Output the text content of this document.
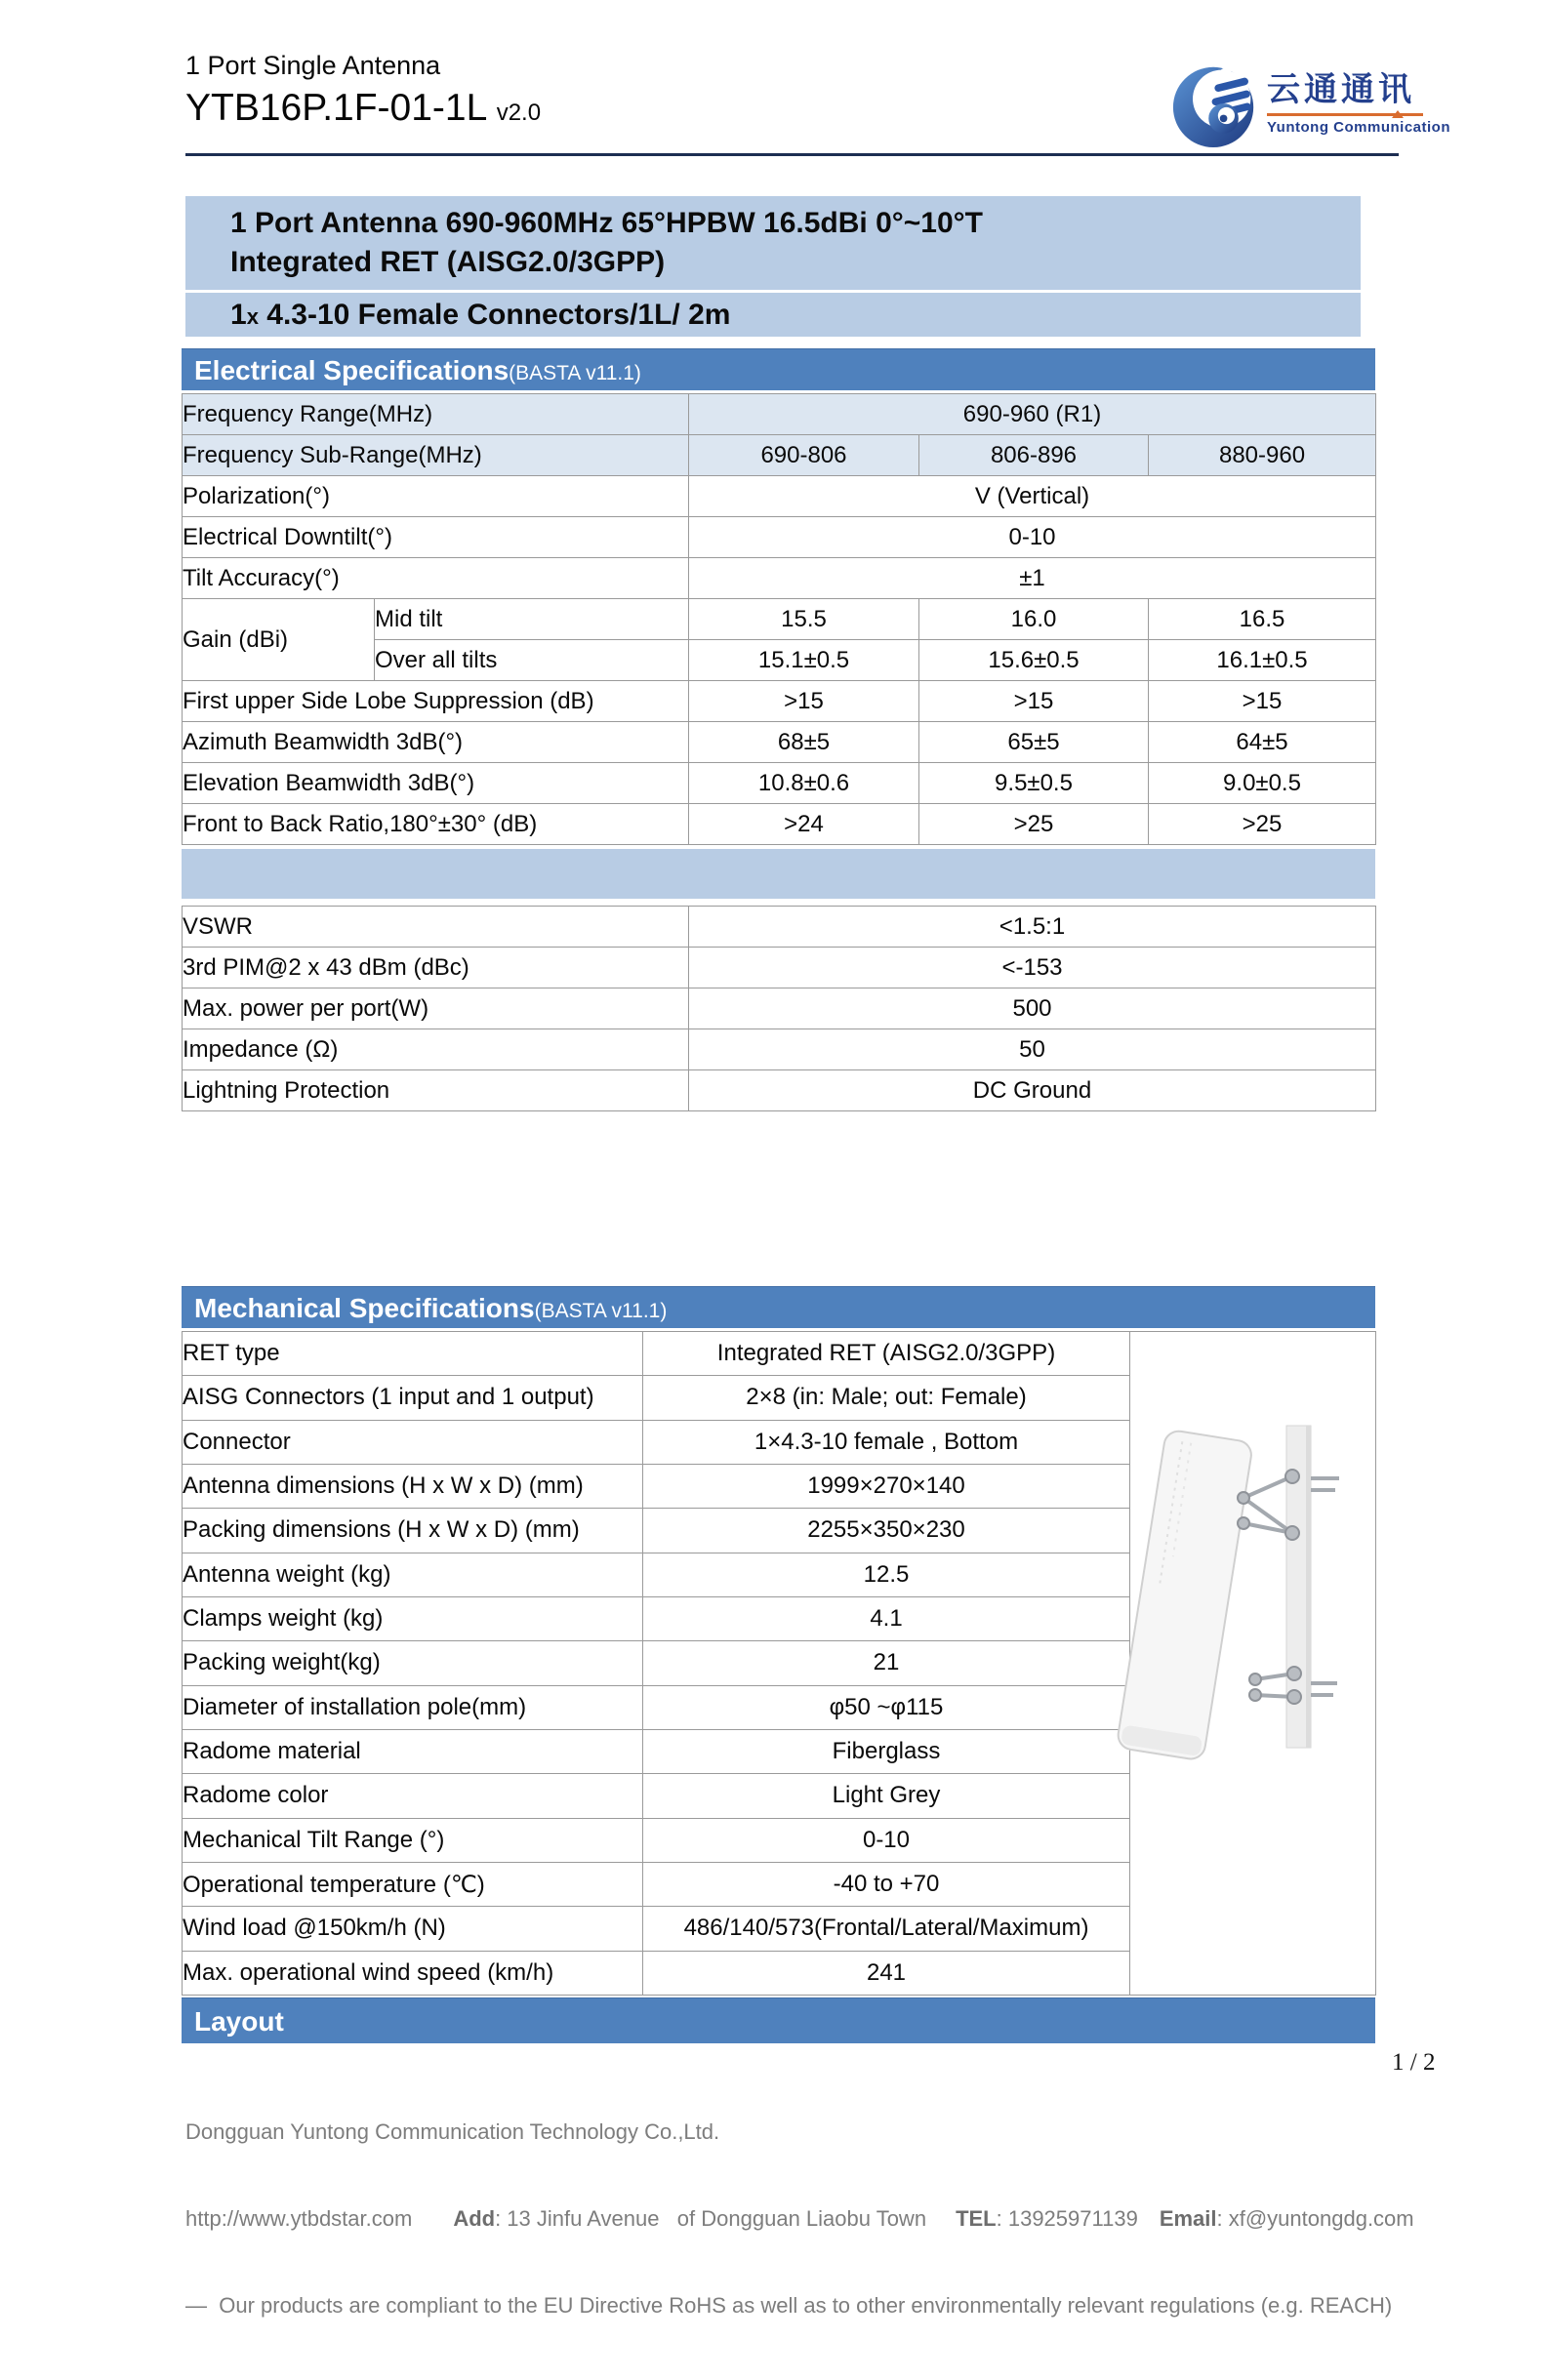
1 Port Single Antenna
YTB16P.1F-01-1L v2.0
云通通讯
Yuntong Communication
1 Port Antenna 690-960MHz 65°HPBW 16.5dBi 0°~10°T
Integrated RET (AISG2.0/3GPP)
1x 4.3-10 Female Connectors/1L/ 2m
Electrical Specifications(BASTA v11.1)
Frequency Range(MHz)		690-960 (R1)		
Frequency Sub-Range(MHz)		690-806	806-896	880-960
Polarization(°)		V (Vertical)		
Electrical Downtilt(°)		0-10		
Tilt Accuracy(°)		±1		
Gain (dBi)	Mid tilt	15.5	16.0	16.5
	Over all tilts	15.1±0.5	15.6±0.5	16.1±0.5
First upper Side Lobe Suppression (dB)		>15	>15	>15
Azimuth Beamwidth 3dB(°)		68±5	65±5	64±5
Elevation Beamwidth 3dB(°)		10.8±0.6	9.5±0.5	9.0±0.5
Front to Back Ratio,180°±30° (dB)		>24	>25	>25
VSWR	<1.5:1
3rd PIM@2 x 43 dBm (dBc)	<-153
Max. power per port(W)	500
Impedance (Ω)	50
Lightning Protection	DC Ground
Mechanical Specifications(BASTA v11.1)
RET type	Integrated RET (AISG2.0/3GPP)	
AISG Connectors (1 input and 1 output)	2×8 (in: Male; out: Female)	
Connector	1×4.3-10 female , Bottom	
Antenna dimensions (H x W x D) (mm)	1999×270×140	
Packing dimensions (H x W x D) (mm)	2255×350×230	
Antenna weight (kg)	12.5	
Clamps weight (kg)	4.1	
Packing weight(kg)	21	
Diameter of installation pole(mm)	φ50 ~φ115	
Radome material	Fiberglass	
Radome color	Light Grey	
Mechanical Tilt Range (°)	0-10	
Operational temperature (℃)	-40 to +70	
Wind load @150km/h (N)	486/140/573(Frontal/Lateral/Maximum)	
Max. operational wind speed (km/h)	241	
Layout

Dongguan Yuntong Communication Technology Co.,Ltd.

http://www.ytbdstar.com Add: 13 Jinfu Avenue   of Dongguan Liaobu Town TEL: 13925971139 Email: xf@yuntongdg.com

—  Our products are compliant to the EU Directive RoHS as well as to other environmentally relevant regulations (e.g. REACH)

1 / 2
